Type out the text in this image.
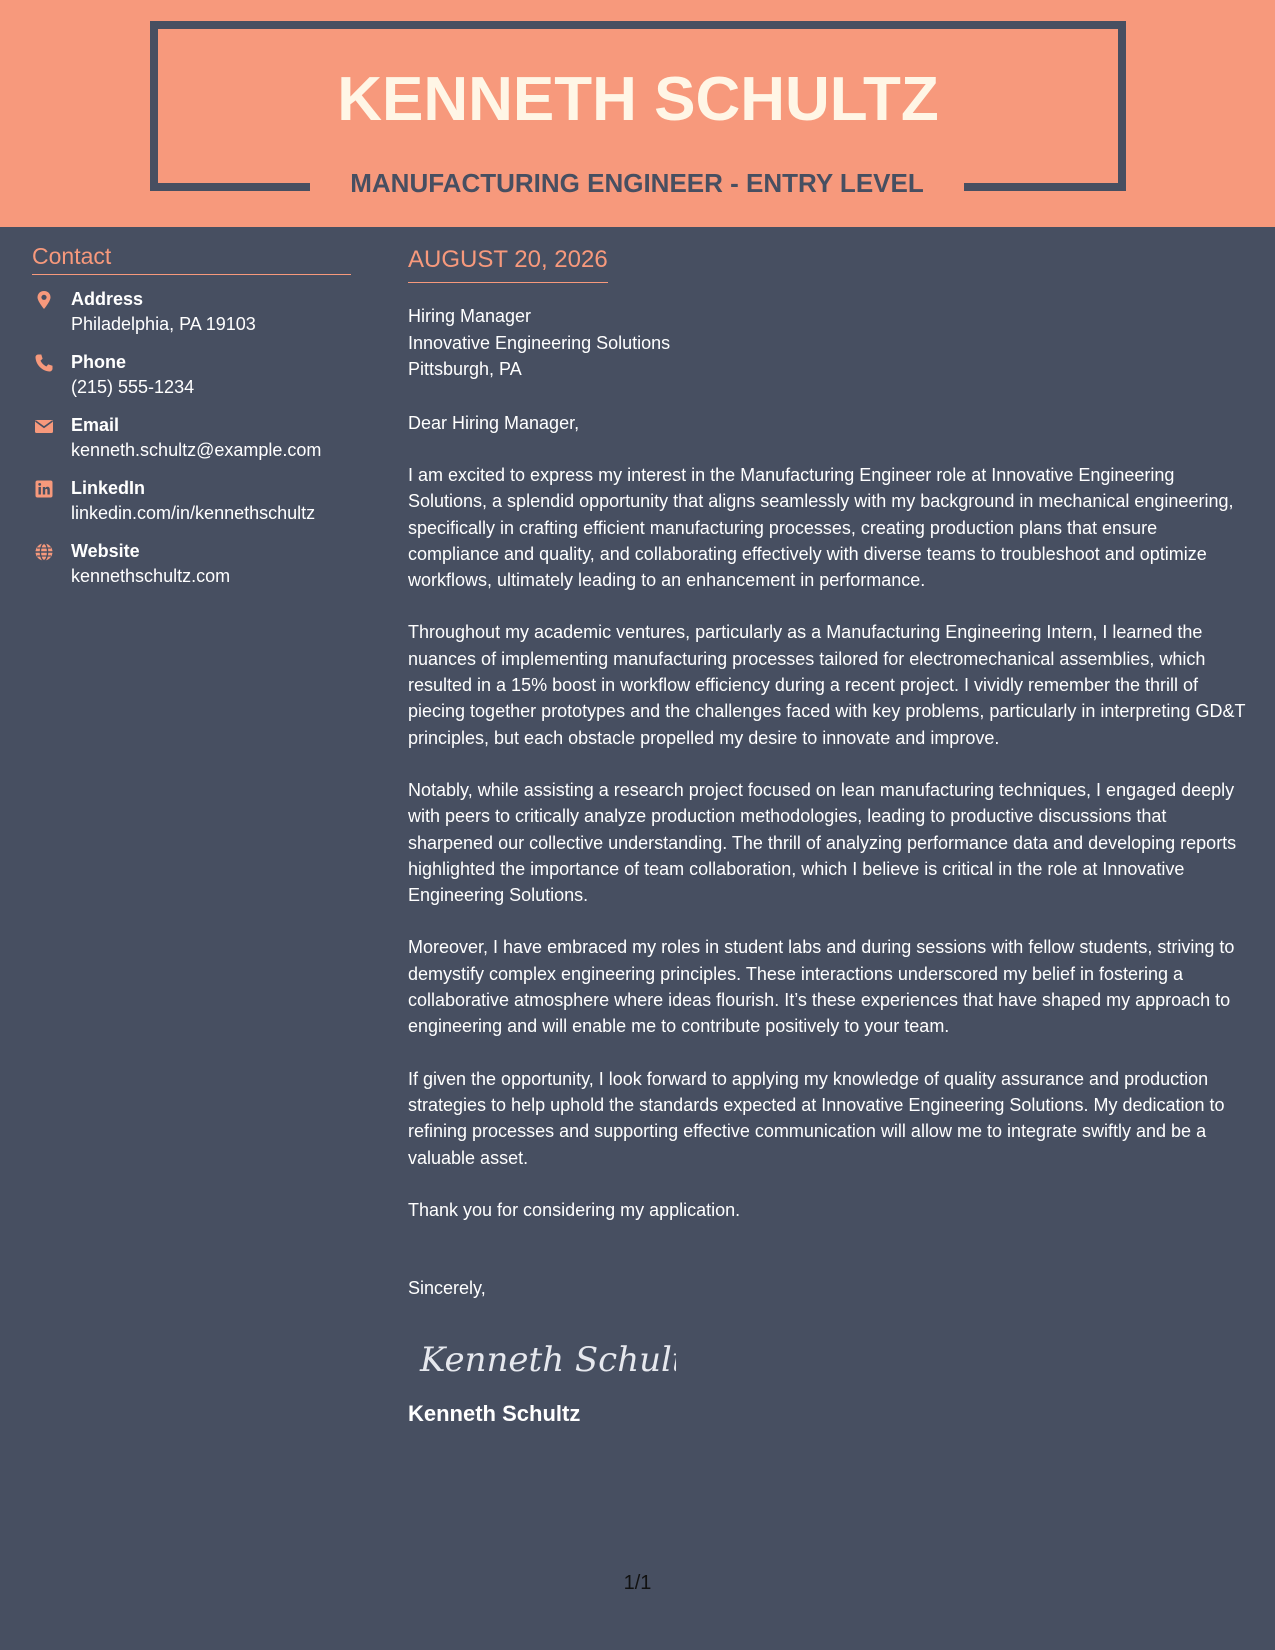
KENNETH SCHULTZ
MANUFACTURING ENGINEER - ENTRY LEVEL
Contact
Address
Philadelphia, PA 19103
Phone
(215) 555-1234
Email
kenneth.schultz@example.com
LinkedIn
linkedin.com/in/kennethschultz
Website
kennethschultz.com
AUGUST 20, 2026
Hiring Manager
Innovative Engineering Solutions
Pittsburgh, PA
Dear Hiring Manager,
I am excited to express my interest in the Manufacturing Engineer role at Innovative Engineering Solutions, a splendid opportunity that aligns seamlessly with my background in mechanical engineering, specifically in crafting efficient manufacturing processes, creating production plans that ensure compliance and quality, and collaborating effectively with diverse teams to troubleshoot and optimize workflows, ultimately leading to an enhancement in performance.
Throughout my academic ventures, particularly as a Manufacturing Engineering Intern, I learned the nuances of implementing manufacturing processes tailored for electromechanical assemblies, which resulted in a 15% boost in workflow efficiency during a recent project. I vividly remember the thrill of piecing together prototypes and the challenges faced with key problems, particularly in interpreting GD&T principles, but each obstacle propelled my desire to innovate and improve.
Notably, while assisting a research project focused on lean manufacturing techniques, I engaged deeply with peers to critically analyze production methodologies, leading to productive discussions that sharpened our collective understanding. The thrill of analyzing performance data and developing reports highlighted the importance of team collaboration, which I believe is critical in the role at Innovative Engineering Solutions.
Moreover, I have embraced my roles in student labs and during sessions with fellow students, striving to demystify complex engineering principles. These interactions underscored my belief in fostering a collaborative atmosphere where ideas flourish. It’s these experiences that have shaped my approach to engineering and will enable me to contribute positively to your team.
If given the opportunity, I look forward to applying my knowledge of quality assurance and production strategies to help uphold the standards expected at Innovative Engineering Solutions. My dedication to refining processes and supporting effective communication will allow me to integrate swiftly and be a valuable asset.
Thank you for considering my application.
Sincerely,
Kenneth Schultz
Kenneth Schultz
1/1
